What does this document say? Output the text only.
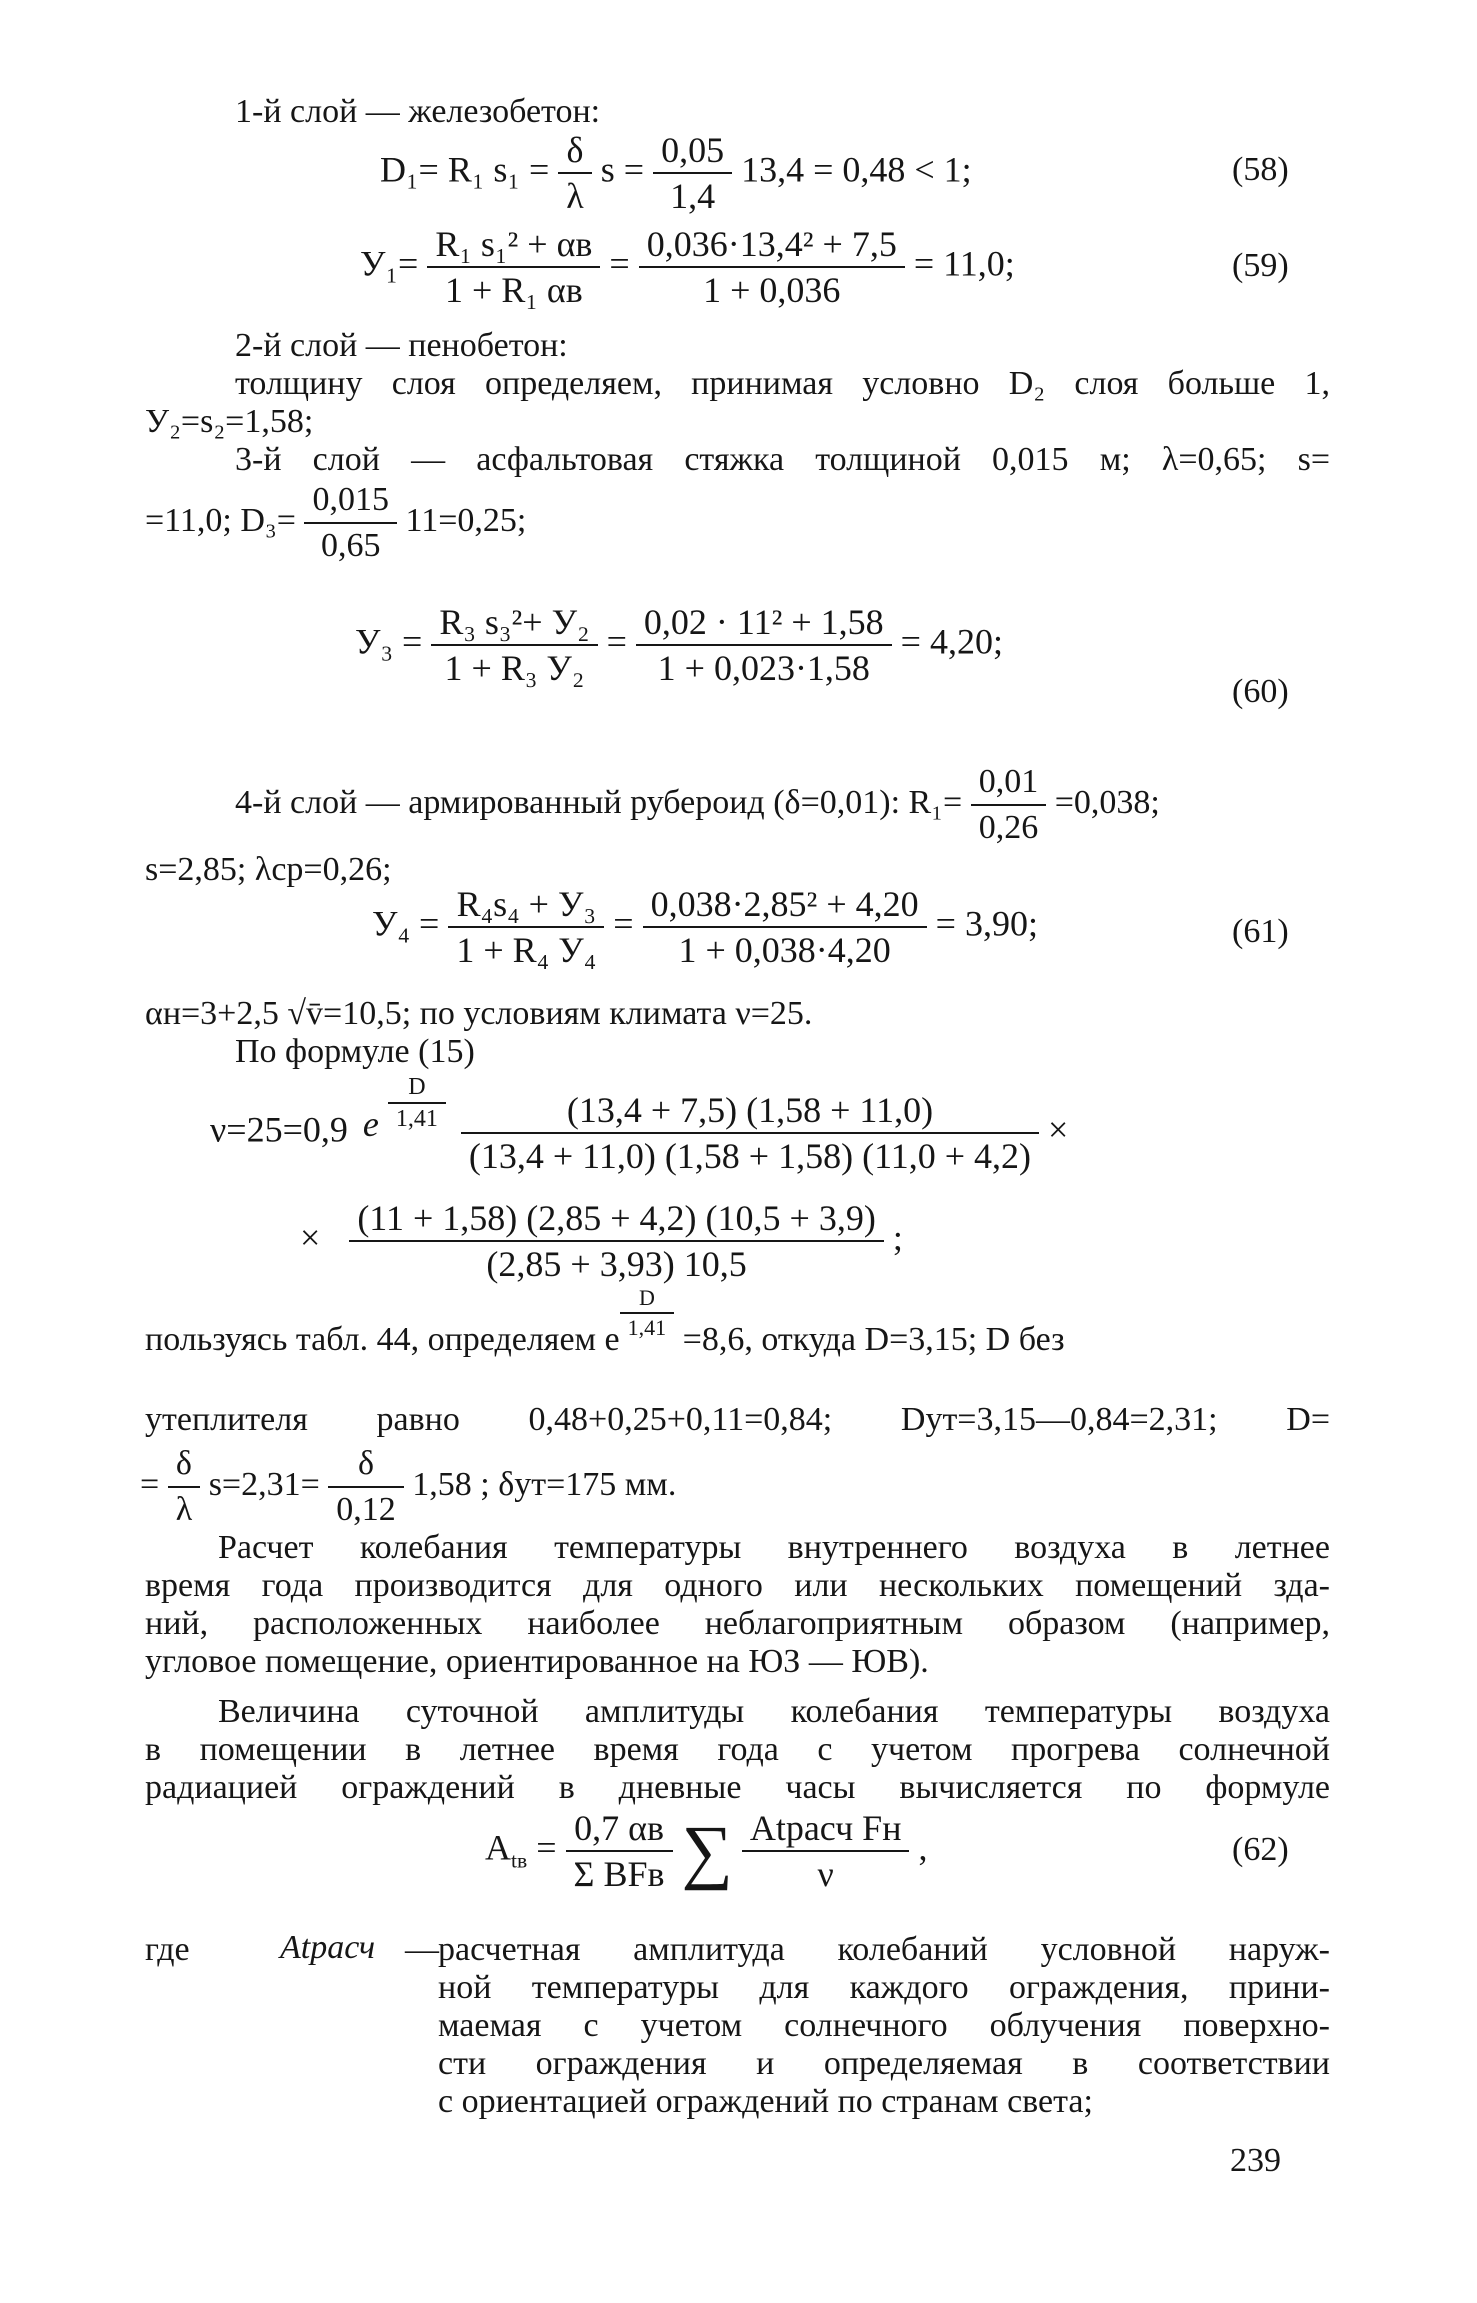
1-й слой — железобетон:
D₁= R₁ $s_1 = \frac{\delta}{\lambda}$ $s = \frac{0,05}{1,4} 13,4 = 0,48 < 1$;	(58)
$У_1= \frac{\text{R₁ s₁² + αв}}{\text{1 + R₁ αв}} = \frac{\text{0,036·13,4² + 7,5}}{1 + 0,036} = 11,0$;	(59)
2-й слой — пенобетон:
толщину слоя определяем, принимая условно D₂ слоя больше 1,
У₂=s₂=1,58;
3-й слой — асфальтовая стяжка толщиной 0,015 м; λ=0,65; s=
=11,0; $D_3= \frac{0,015}{0,65} 11=0,25$;
$У_3 = \frac{\text{R₃ s₃²+ У₂}}{\text{1 + R₃ У₂}} = \frac{\text{0,02 · 11² + 1,58}}{1 + 0,023\cdot 1,58} = 4,20$;
(60)
4-й слой — армированный рубероид (δ=0,01): $R_1= \frac{0,01}{0,26} =0,038$;
s=2,85; λср=0,26;
$У_4 = \frac{\text{R₄s₄ + У₃}}{\text{1 + R₄ У₄}} = \frac{\text{0,038·2,85² + 4,20}}{1 + 0,038\cdot 4,20} = 3,90$;	(61)
αн=3+2,5 √v̄=10,5; по условиям климата ν=25.
По формуле (15)
ν=25=0,9 e $\frac{D}{1,41}$
$\frac{(13,4 + 7,5) (1,58 + 11,0)}{(13,4 + 11,0) (1,58 + 1,58) (11,0 + 4,2)}$ ×
× $\frac{(11 + 1,58) (2,85 + 4,2) (10,5 + 3,9)}{(2,85 + 3,93) 10,5}$ ;
пользуясь табл. 44, определяем e $\frac{D}{1,41} =8,6$, откуда D=3,15; D без
утеплителя равно 0,48+0,25+0,11=0,84; Dут=3,15—0,84=2,31; D=
= $\frac{\delta}{\lambda} s=2,31= \frac{\delta}{0,12} 1,58$ ; δут=175 мм.
Расчет колебания температуры внутреннего воздуха в летнее
время года производится для одного или нескольких помещений зда-
ний, расположенных наиболее неблагоприятным образом (например,
угловое помещение, ориентированное на ЮЗ — ЮВ).
Величина суточной амплитуды колебания температуры воздуха
в помещении в летнее время года с учетом прогрева солнечной
радиацией ограждений в дневные часы вычисляется по формуле
$A_{tв} = \frac{0,7 \alpha в}{\text{Σ BFв}}$ ∑ $\frac{\text{Atрасч Fн}}{\nu}$ ,	(62)
где	Atрасч — расчетная амплитуда колебаний условной наруж-
ной температуры для каждого ограждения, прини-
маемая с учетом солнечного облучения поверхно-
сти ограждения и определяемая в соответствии
с ориентацией ограждений по странам света;
239
